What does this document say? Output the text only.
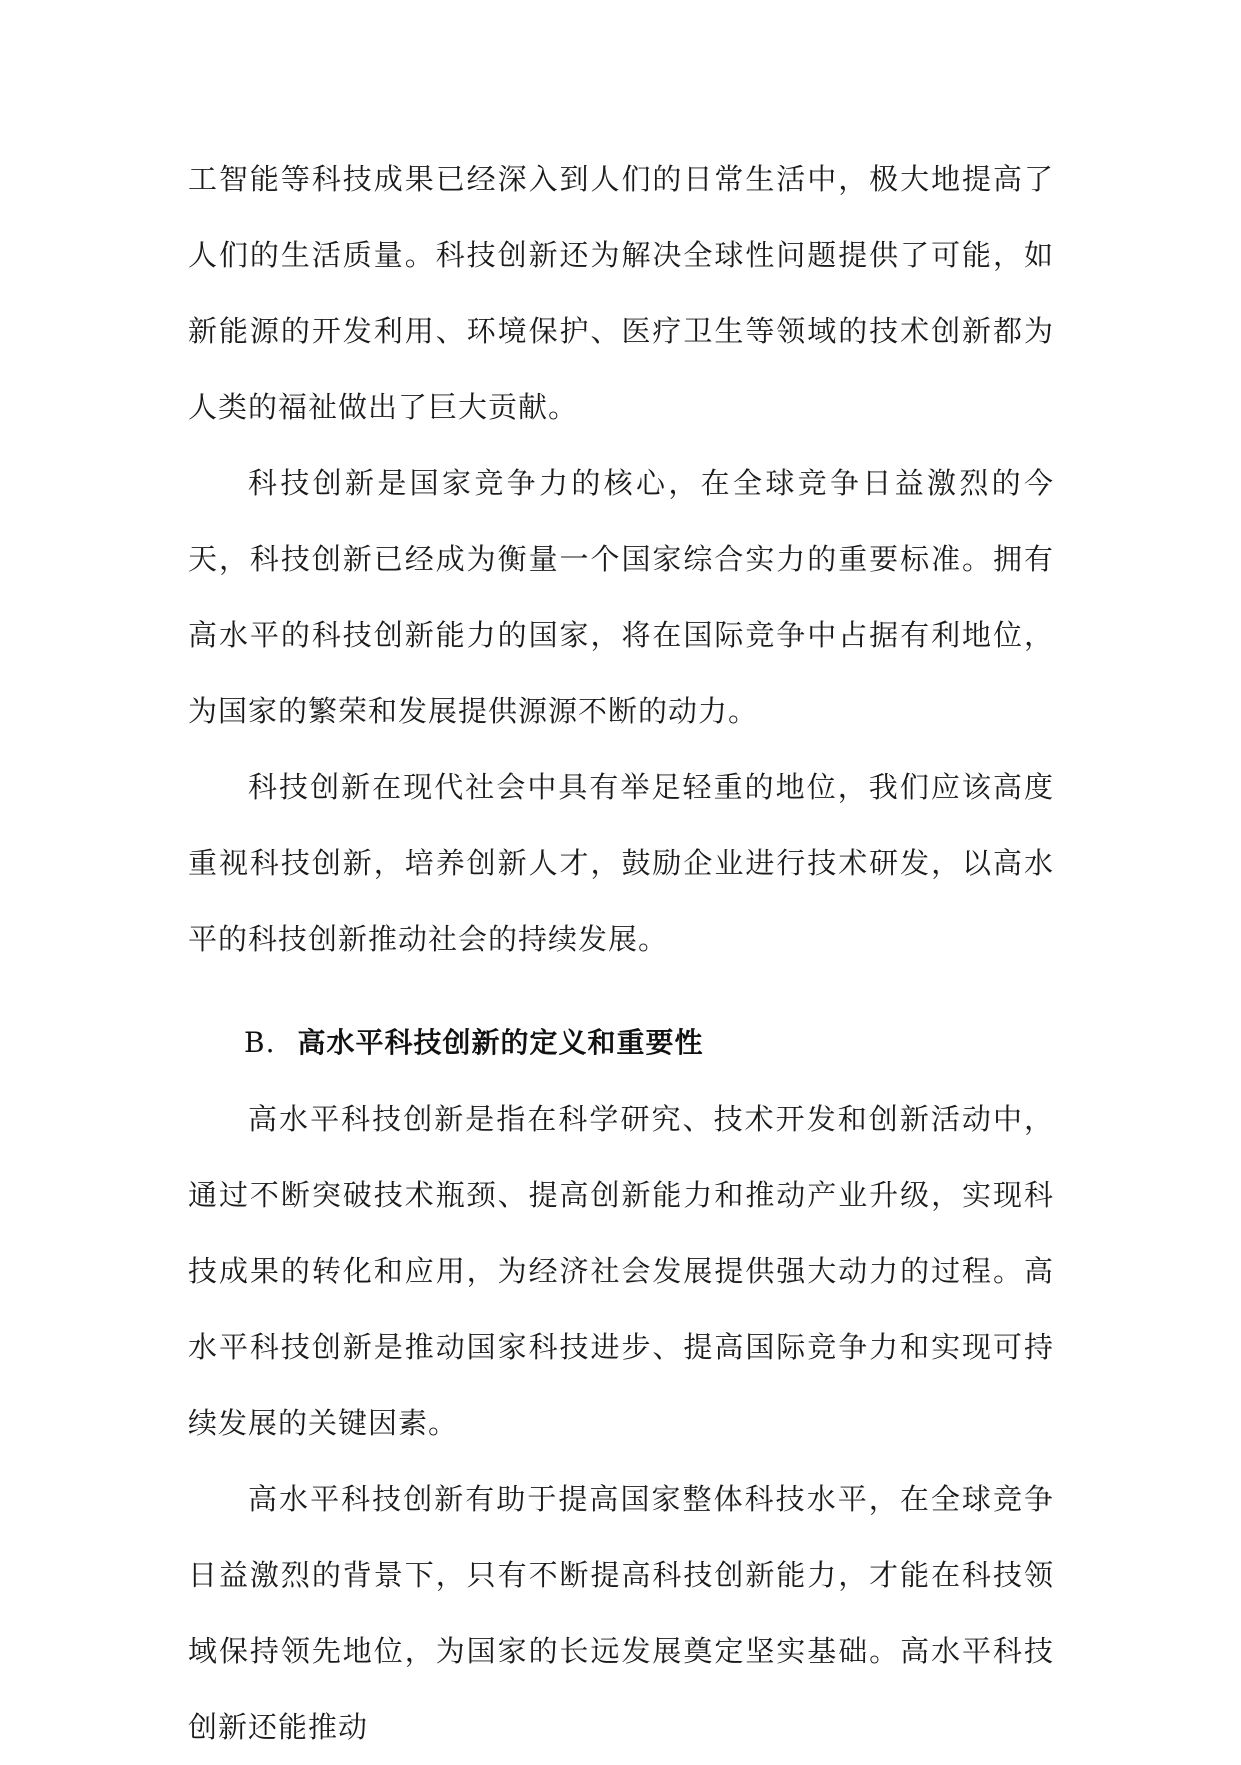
工智能等科技成果已经深入到人们的日常生活中，极大地提高了人们的生活质量。科技创新还为解决全球性问题提供了可能，如新能源的开发利用、环境保护、医疗卫生等领域的技术创新都为人类的福祉做出了巨大贡献。

科技创新是国家竞争力的核心，在全球竞争日益激烈的今天，科技创新已经成为衡量一个国家综合实力的重要标准。拥有高水平的科技创新能力的国家，将在国际竞争中占据有利地位，为国家的繁荣和发展提供源源不断的动力。

科技创新在现代社会中具有举足轻重的地位，我们应该高度重视科技创新，培养创新人才，鼓励企业进行技术研发，以高水平的科技创新推动社会的持续发展。

B. 高水平科技创新的定义和重要性

高水平科技创新是指在科学研究、技术开发和创新活动中，通过不断突破技术瓶颈、提高创新能力和推动产业升级，实现科技成果的转化和应用，为经济社会发展提供强大动力的过程。高水平科技创新是推动国家科技进步、提高国际竞争力和实现可持续发展的关键因素。

高水平科技创新有助于提高国家整体科技水平，在全球竞争日益激烈的背景下，只有不断提高科技创新能力，才能在科技领域保持领先地位，为国家的长远发展奠定坚实基础。高水平科技创新还能推动
